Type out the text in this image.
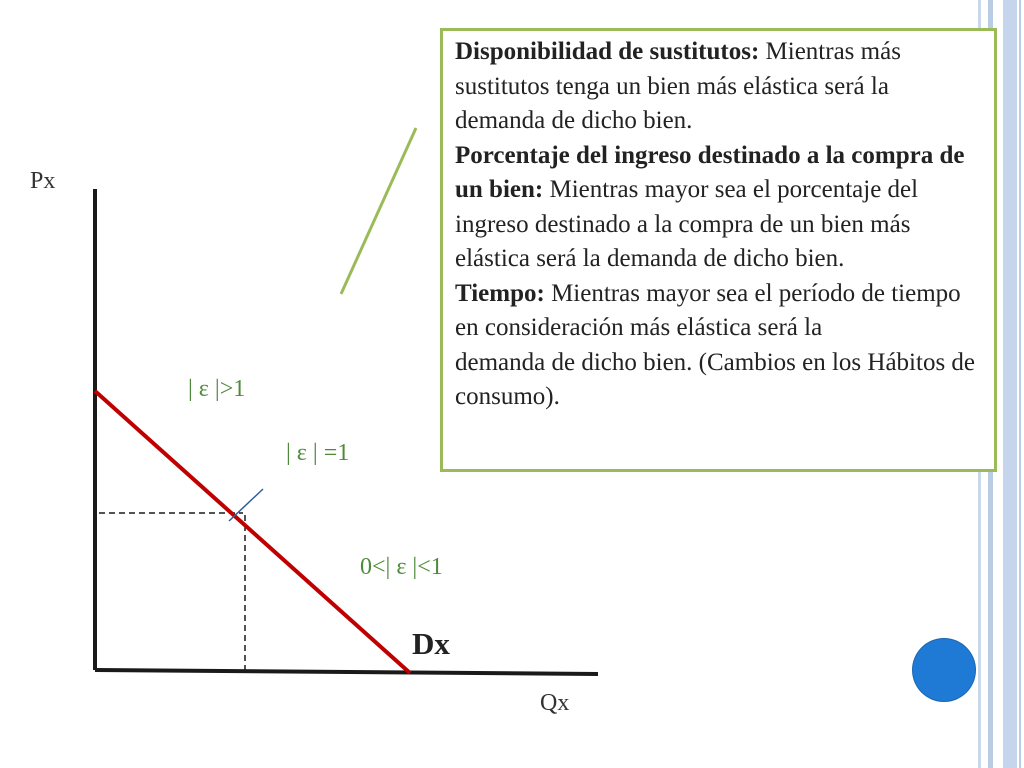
Px
Qx
| ε |>1
| ε | =1
0<| ε |<1
Dx

Disponibilidad de sustitutos: Mientras más sustitutos tenga un bien más elástica será la demanda de dicho bien.

Porcentaje del ingreso destinado a la compra de un bien: Mientras mayor sea el porcentaje del ingreso destinado a la compra de un bien más elástica será la demanda de dicho bien.

Tiempo: Mientras mayor sea el período de tiempo en consideración más elástica será la

demanda de dicho bien. (Cambios en los Hábitos de consumo).
